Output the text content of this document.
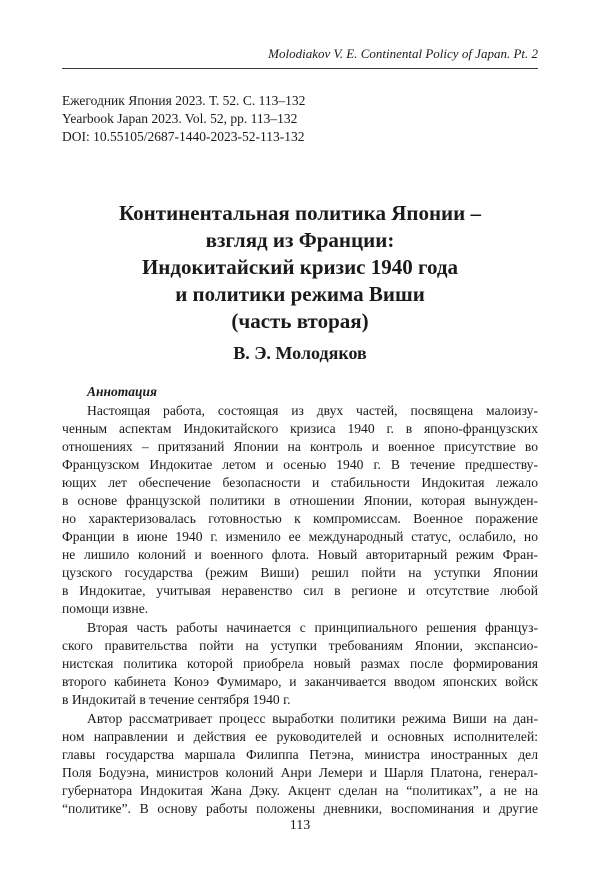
Molodiakov V. E. Continental Policy of Japan. Pt. 2
Ежегодник Япония 2023. Т. 52. С. 113–132
Yearbook Japan 2023. Vol. 52, pp. 113–132
DOI: 10.55105/2687-1440-2023-52-113-132
Континентальная политика Японии –
взгляд из Франции:
Индокитайский кризис 1940 года
и политики режима Виши
(часть вторая)
В. Э. Молодяков
Аннотация
Настоящая работа, состоящая из двух частей, посвящена малоизу-
ченным аспектам Индокитайского кризиса 1940 г. в японо-французских
отношениях – притязаний Японии на контроль и военное присутствие во
Французском Индокитае летом и осенью 1940 г. В течение предшеству-
ющих лет обеспечение безопасности и стабильности Индокитая лежало
в основе французской политики в отношении Японии, которая вынужден-
но характеризовалась готовностью к компромиссам. Военное поражение
Франции в июне 1940 г. изменило ее международный статус, ослабило, но
не лишило колоний и военного флота. Новый авторитарный режим Фран-
цузского государства (режим Виши) решил пойти на уступки Японии
в Индокитае, учитывая неравенство сил в регионе и отсутствие любой
помощи извне.
Вторая часть работы начинается с принципиального решения француз-
ского правительства пойти на уступки требованиям Японии, экспансио-
нистская политика которой приобрела новый размах после формирования
второго кабинета Коноэ Фумимаро, и заканчивается вводом японских войск
в Индокитай в течение сентября 1940 г.
Автор рассматривает процесс выработки политики режима Виши на дан-
ном направлении и действия ее руководителей и основных исполнителей:
главы государства маршала Филиппа Петэна, министра иностранных дел
Поля Бодуэна, министров колоний Анри Лемери и Шарля Платона, генерал-
губернатора Индокитая Жана Дэку. Акцент сделан на “политиках”, а не на
“политике”. В основу работы положены дневники, воспоминания и другие
113
